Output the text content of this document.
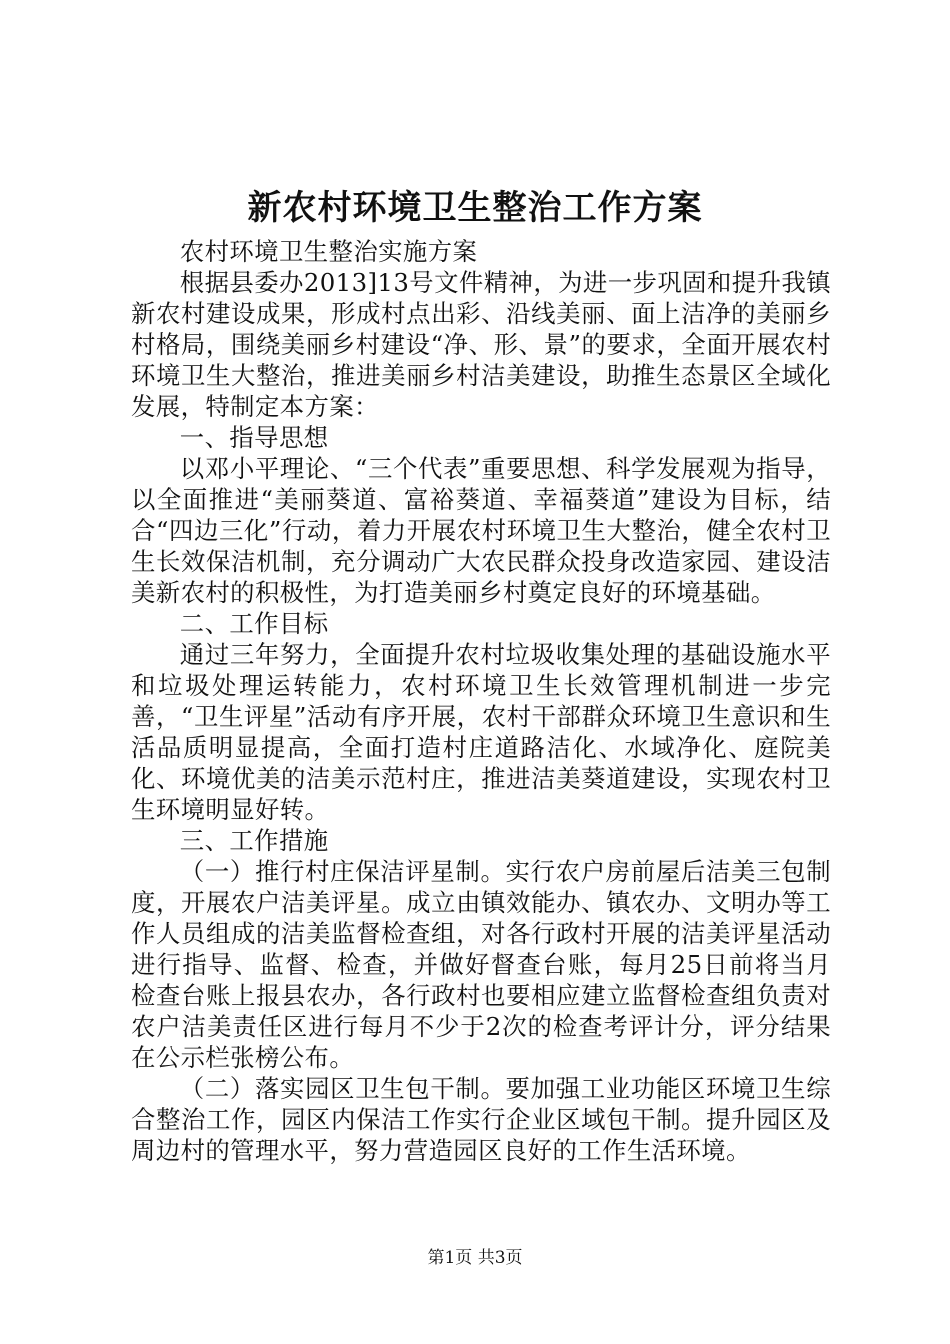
新农村环境卫生整治工作方案

农村环境卫生整治实施方案

根据县委办2013]13号文件精神，为进一步巩固和提升我镇新农村建设成果，形成村点出彩、沿线美丽、面上洁净的美丽乡村格局，围绕美丽乡村建设“净、形、景”的要求，全面开展农村环境卫生大整治，推进美丽乡村洁美建设，助推生态景区全域化发展，特制定本方案：

一、指导思想

以邓小平理论、“三个代表”重要思想、科学发展观为指导，以全面推进“美丽葵道、富裕葵道、幸福葵道”建设为目标，结合“四边三化”行动，着力开展农村环境卫生大整治，健全农村卫生长效保洁机制，充分调动广大农民群众投身改造家园、建设洁美新农村的积极性，为打造美丽乡村奠定良好的环境基础。

二、工作目标

通过三年努力，全面提升农村垃圾收集处理的基础设施水平和垃圾处理运转能力，农村环境卫生长效管理机制进一步完善，“卫生评星”活动有序开展，农村干部群众环境卫生意识和生活品质明显提高，全面打造村庄道路洁化、水域净化、庭院美化、环境优美的洁美示范村庄，推进洁美葵道建设，实现农村卫生环境明显好转。

三、工作措施

（一）推行村庄保洁评星制。实行农户房前屋后洁美三包制度，开展农户洁美评星。成立由镇效能办、镇农办、文明办等工作人员组成的洁美监督检查组，对各行政村开展的洁美评星活动进行指导、监督、检查，并做好督查台账，每月25日前将当月检查台账上报县农办，各行政村也要相应建立监督检查组负责对农户洁美责任区进行每月不少于2次的检查考评计分，评分结果在公示栏张榜公布。

（二）落实园区卫生包干制。要加强工业功能区环境卫生综合整治工作，园区内保洁工作实行企业区域包干制。提升园区及周边村的管理水平，努力营造园区良好的工作生活环境。

第1页 共3页
